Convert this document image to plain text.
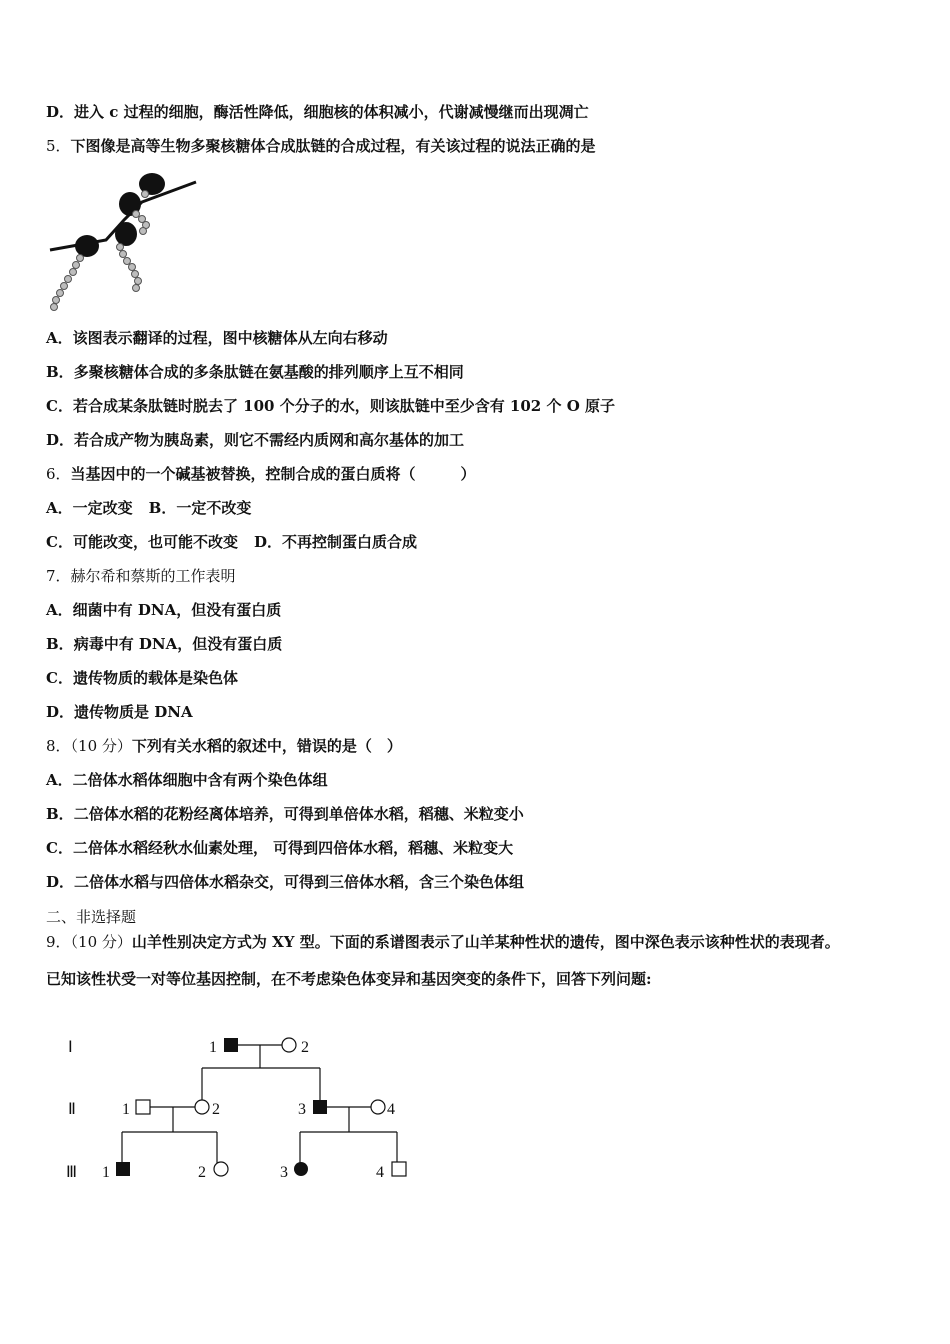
D．进入 c 过程的细胞，酶活性降低，细胞核的体积减小，代谢减慢继而出现凋亡
5．下图像是高等生物多聚核糖体合成肽链的合成过程，有关该过程的说法正确的是
A．该图表示翻译的过程，图中核糖体从左向右移动
B．多聚核糖体合成的多条肽链在氨基酸的排列顺序上互不相同
C．若合成某条肽链时脱去了 100 个分子的水，则该肽链中至少含有 102 个 O 原子
D．若合成产物为胰岛素，则它不需经内质网和高尔基体的加工
6．当基因中的一个碱基被替换，控制合成的蛋白质将（　　　）
A．一定改变 B．一定不改变
C．可能改变，也可能不改变 D．不再控制蛋白质合成
7．赫尔希和蔡斯的工作表明
A．细菌中有 DNA，但没有蛋白质
B．病毒中有 DNA，但没有蛋白质
C．遗传物质的载体是染色体
D．遗传物质是 DNA
8．（10 分）下列有关水稻的叙述中，错误的是（　）
A．二倍体水稻体细胞中含有两个染色体组
B．二倍体水稻的花粉经离体培养，可得到单倍体水稻，稻穗、米粒变小
C．二倍体水稻经秋水仙素处理， 可得到四倍体水稻，稻穗、米粒变大
D．二倍体水稻与四倍体水稻杂交，可得到三倍体水稻，含三个染色体组
二、非选择题
9．（10 分）山羊性别决定方式为 XY 型。下面的系谱图表示了山羊某种性状的遗传，图中深色表示该种性状的表现者。
已知该性状受一对等位基因控制，在不考虑染色体变异和基因突变的条件下，回答下列问题:
Ⅰ
Ⅱ
Ⅲ
1	2
1	2	3	4
1	2	3	4
